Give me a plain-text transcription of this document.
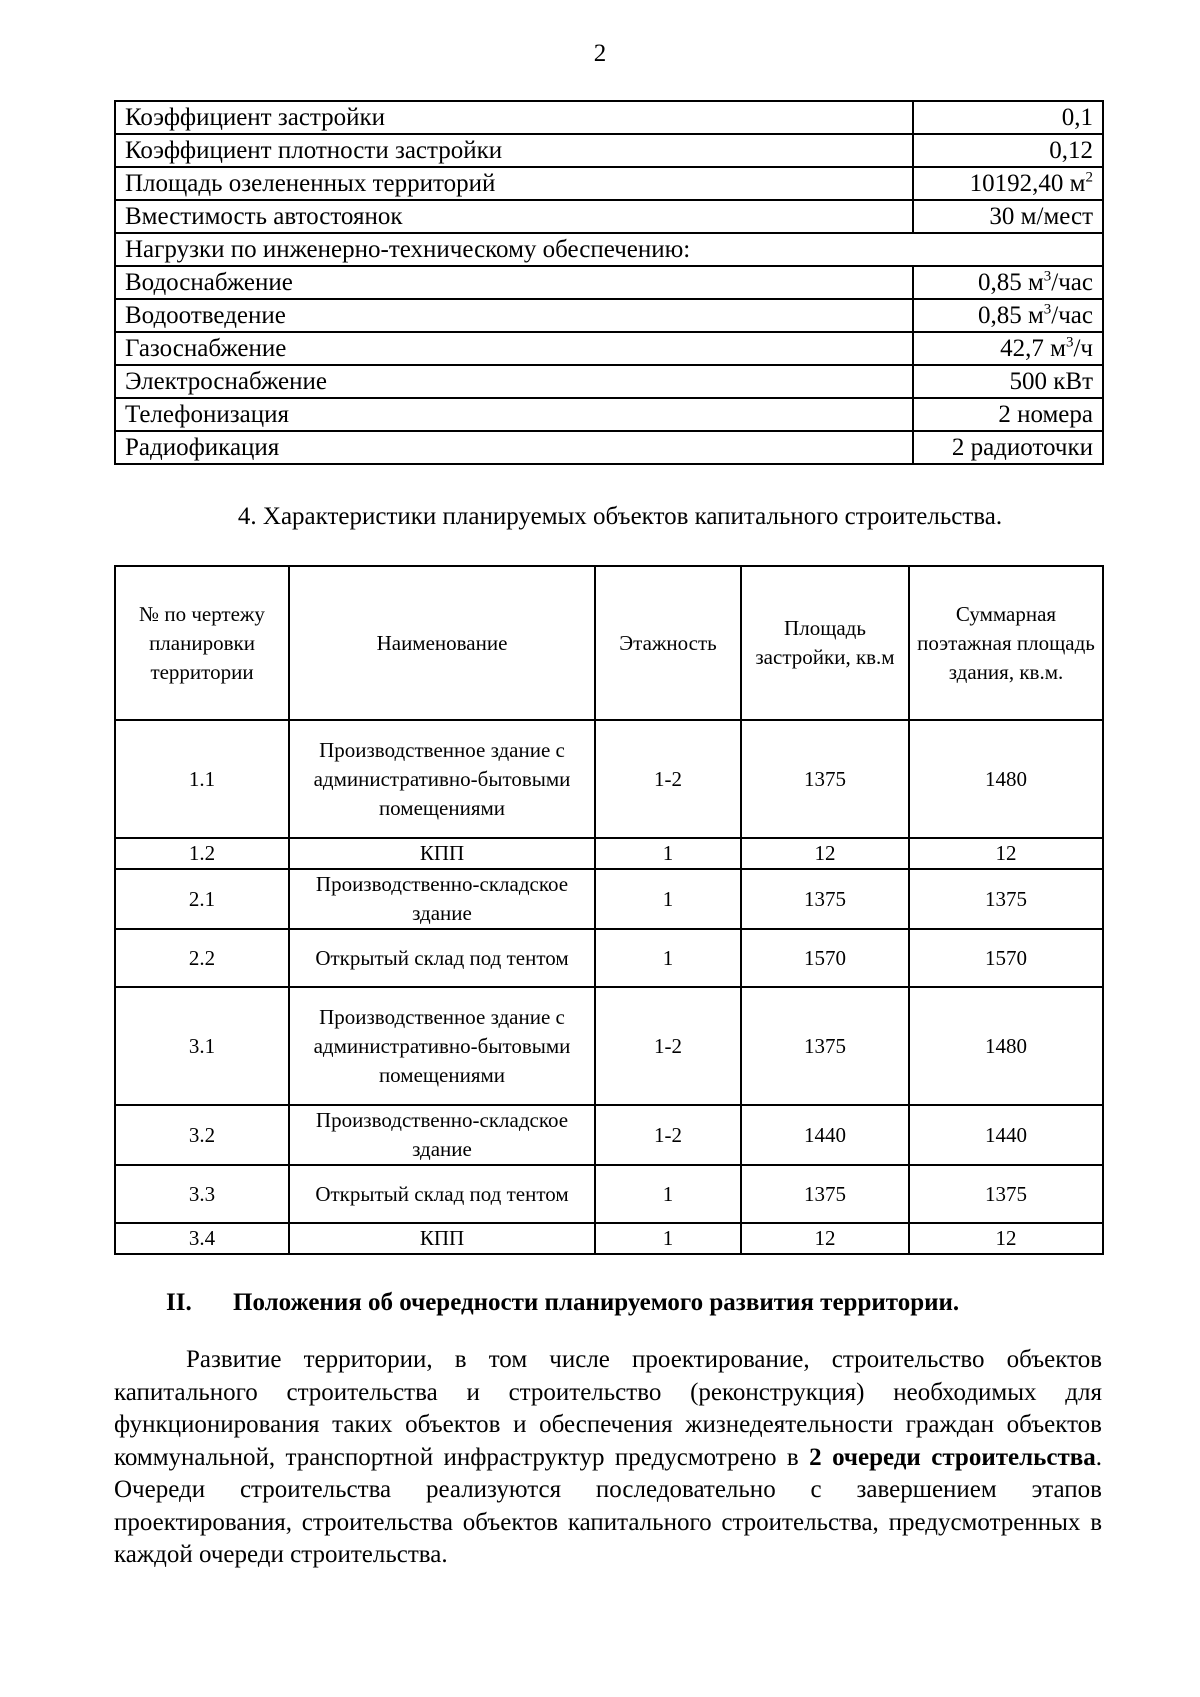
2
Коэффициент застройки	0,1
Коэффициент плотности застройки	0,12
Площадь озелененных территорий	10192,40 $м^2$
Вместимость автостоянок	30 м/мест
Нагрузки по инженерно-техническому обеспечению:	
Водоснабжение	0,85 $м^3$/час
Водоотведение	0,85 $м^3$/час
Газоснабжение	42,7 $м^3/ч$
Электроснабжение	500 кВт
Телефонизация	2 номера
Радиофикация	2 радиоточки
4. Характеристики планируемых объектов капитального строительства.
№ по чертежу планировки территории	Наименование	Этажность	Площадь застройки, кв.м	Суммарная поэтажная площадь здания, кв.м.
1.1	Производственное здание с административно-бытовыми помещениями	1-2	1375	1480
1.2	КПП	1	12	12
2.1	Производственно-складское здание	1	1375	1375
2.2	Открытый склад под тентом	1	1570	1570
3.1	Производственное здание с административно-бытовыми помещениями	1-2	1375	1480
3.2	Производственно-складское здание	1-2	1440	1440
3.3	Открытый склад под тентом	1	1375	1375
3.4	КПП	1	12	12
II. Положения об очередности планируемого развития территории.
Развитие территории, в том числе проектирование, строительство объектов капитального строительства и строительство (реконструкция) необходимых для функционирования таких объектов и обеспечения жизнедеятельности граждан объектов коммунальной, транспортной инфраструктур предусмотрено в 2 очереди строительства. Очереди строительства реализуются последовательно с завершением этапов проектирования, строительства объектов капитального строительства, предусмотренных в каждой очереди строительства.
